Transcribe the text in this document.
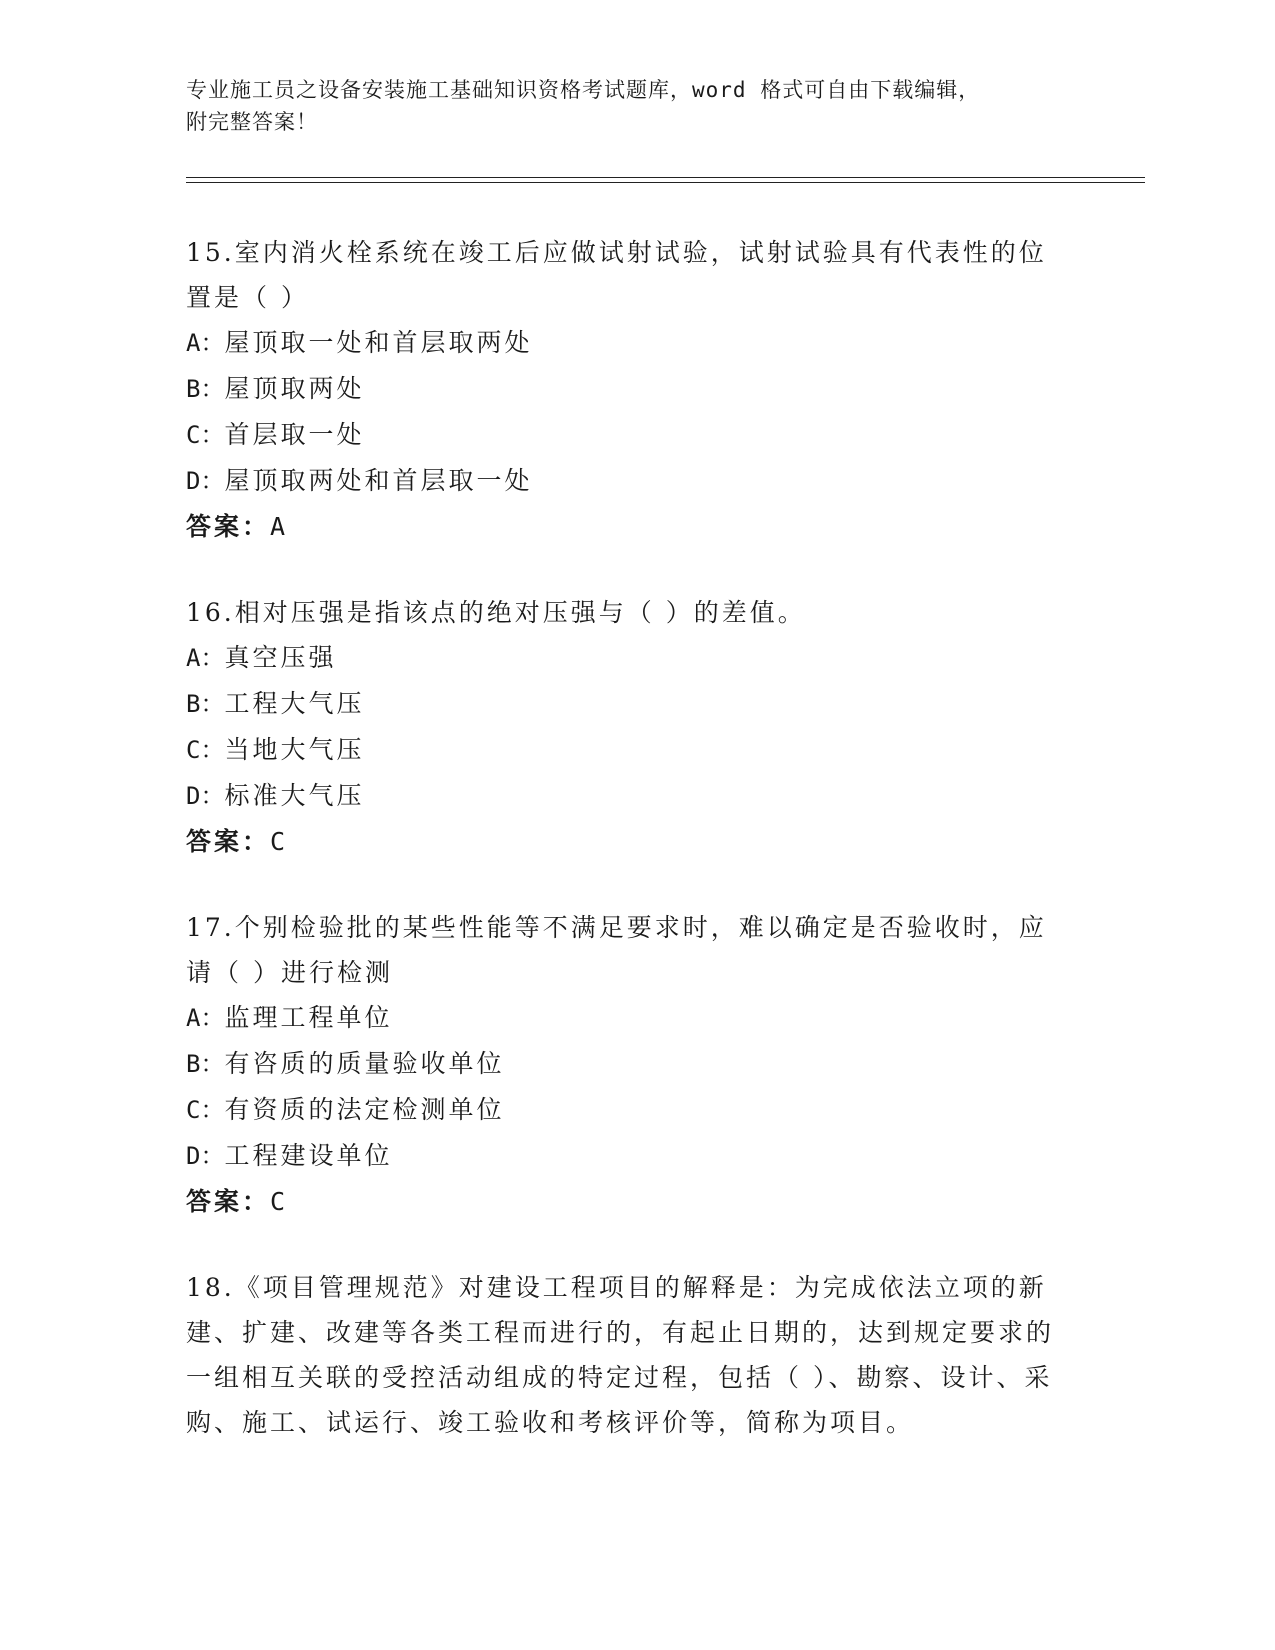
专业施工员之设备安装施工基础知识资格考试题库，word 格式可自由下载编辑，
附完整答案！
15.室内消火栓系统在竣工后应做试射试验，试射试验具有代表性的位置是（ ）
A：屋顶取一处和首层取两处
B：屋顶取两处
C：首层取一处
D：屋顶取两处和首层取一处
答案：A
16.相对压强是指该点的绝对压强与（ ）的差值。
A：真空压强
B：工程大气压
C：当地大气压
D：标准大气压
答案：C
17.个别检验批的某些性能等不满足要求时，难以确定是否验收时，应请（ ）进行检测
A：监理工程单位
B：有咨质的质量验收单位
C：有资质的法定检测单位
D：工程建设单位
答案：C
18.《项目管理规范》对建设工程项目的解释是：为完成依法立项的新建、扩建、改建等各类工程而进行的，有起止日期的，达到规定要求的一组相互关联的受控活动组成的特定过程，包括（ ）、勘察、设计、采购、施工、试运行、竣工验收和考核评价等，简称为项目。
